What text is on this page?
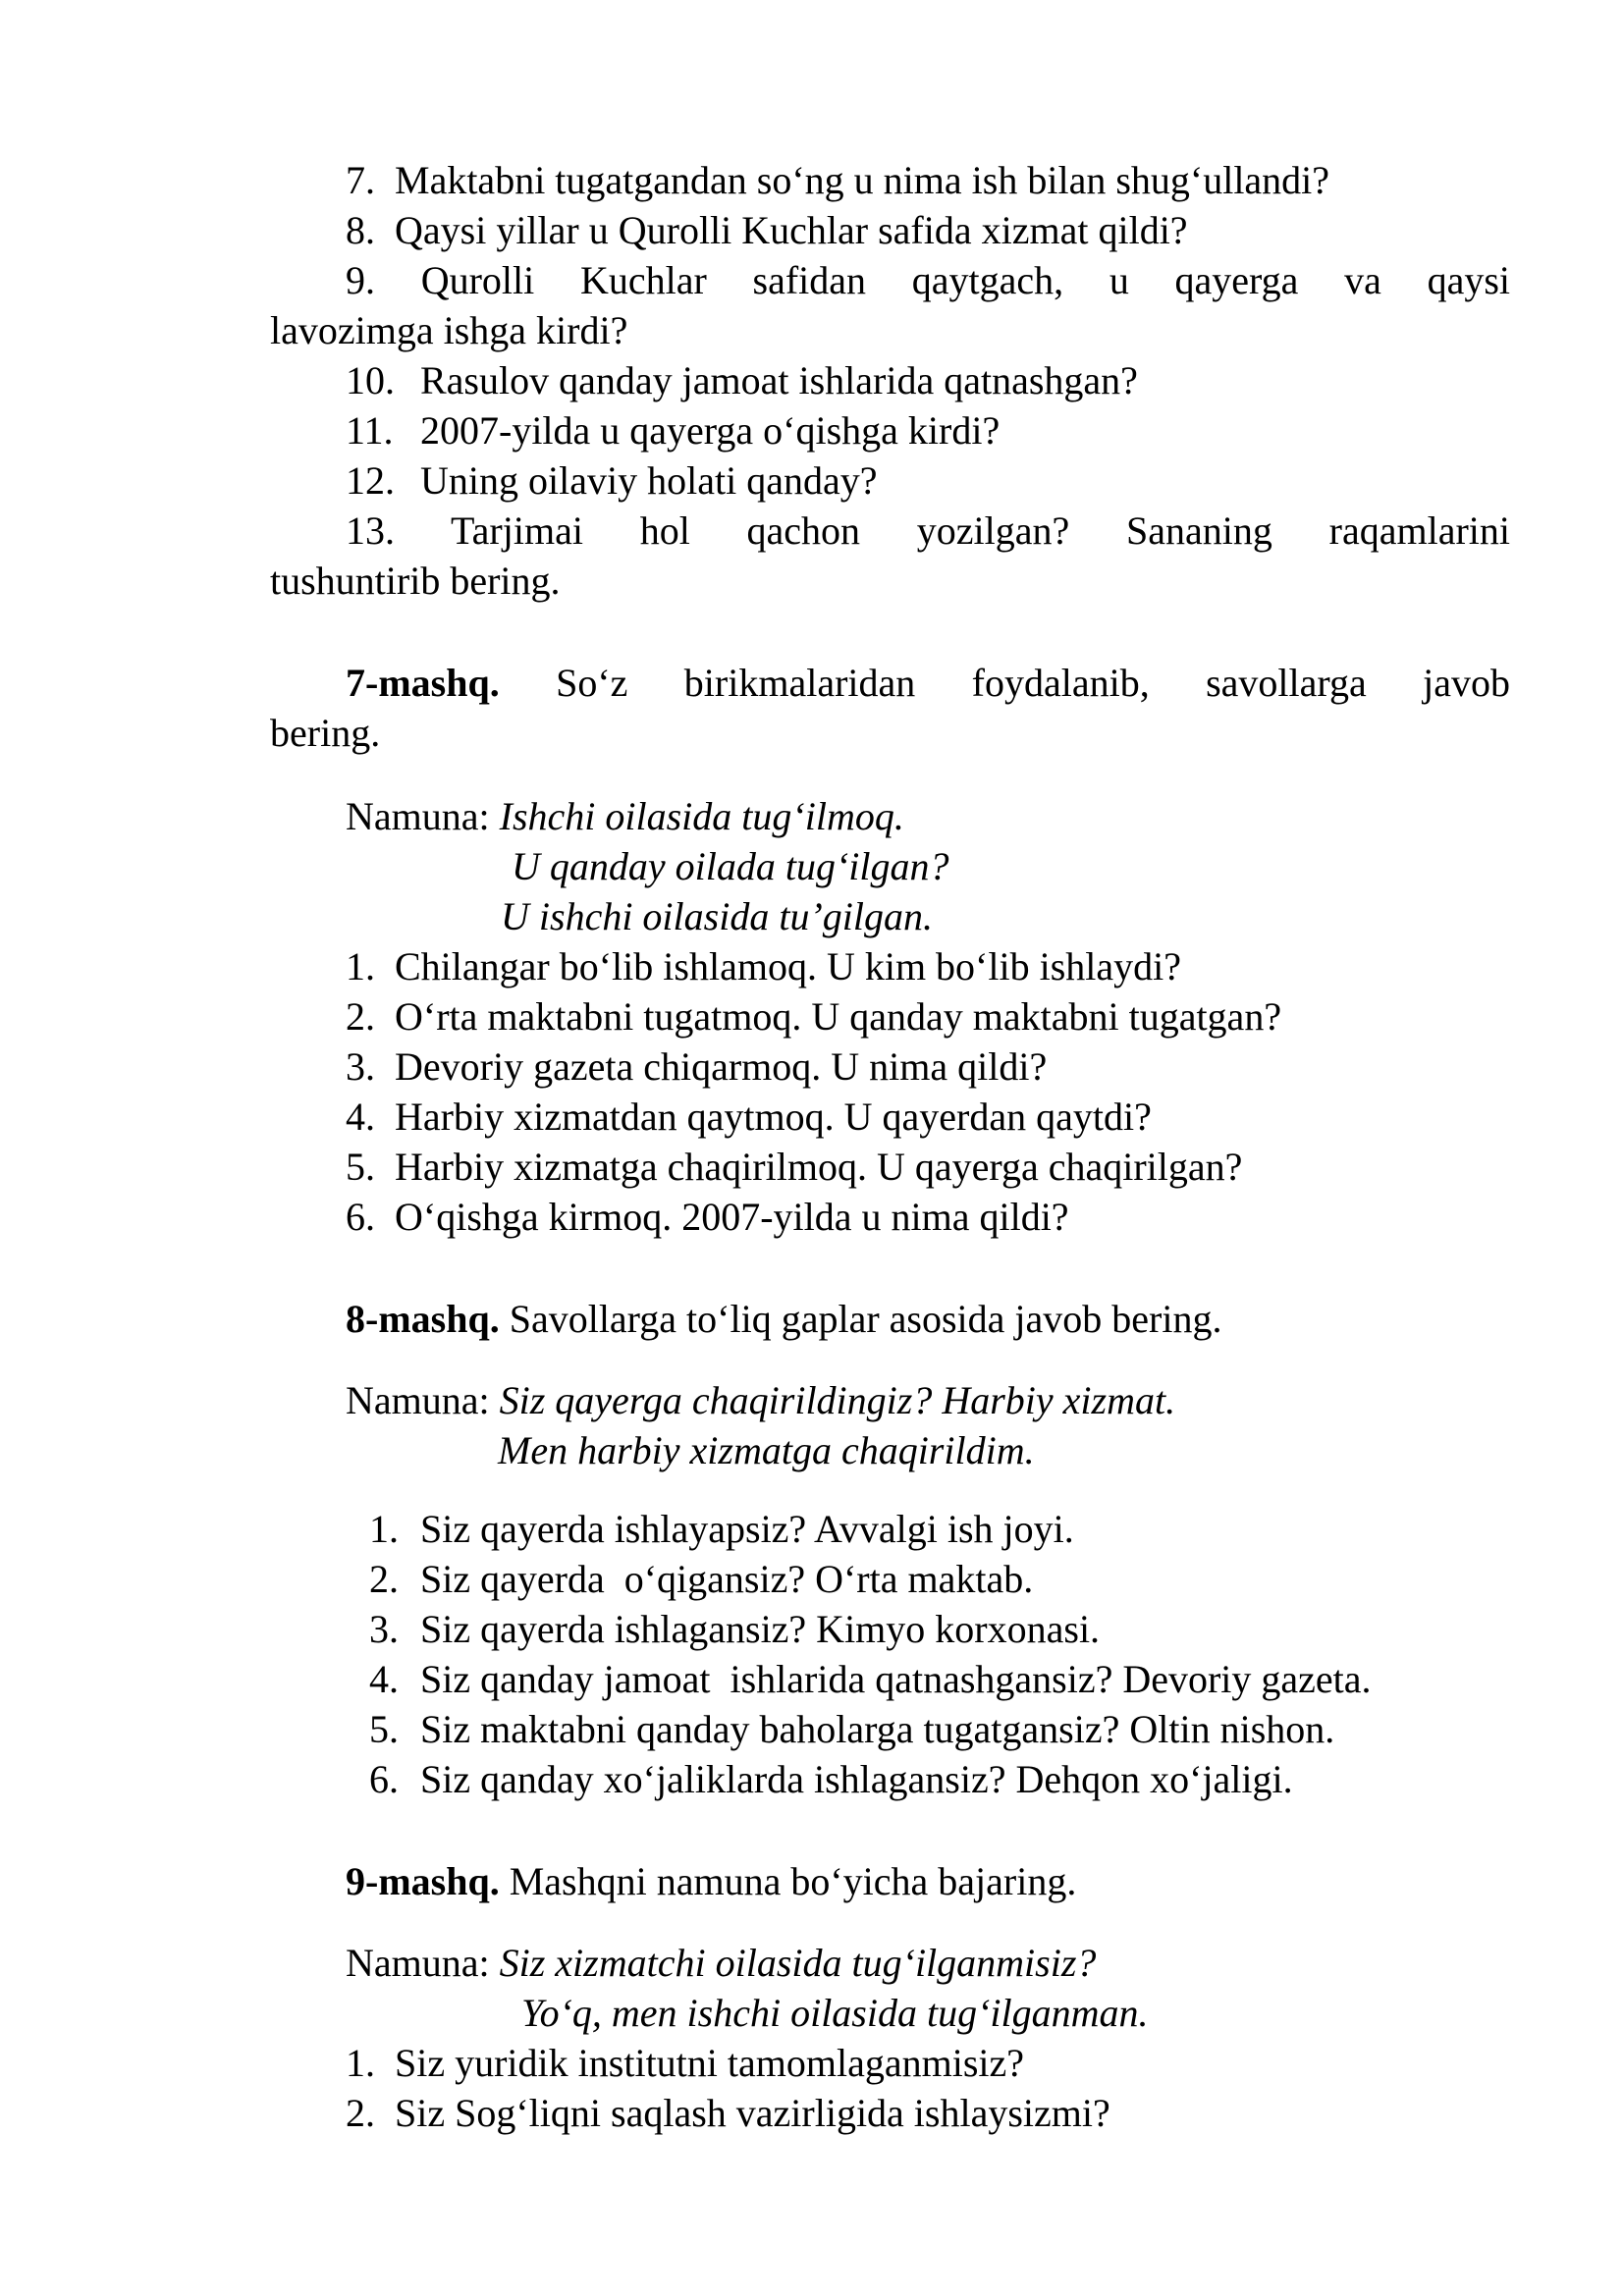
7. Maktabni tugatgandan so‘ng u nima ish bilan shug‘ullandi?
8. Qaysi yillar u Qurolli Kuchlar safida xizmat qildi?
9. Qurolli Kuchlar safidan qaytgach, u qayerga va qaysi
lavozimga ishga kirdi?
10. Rasulov qanday jamoat ishlarida qatnashgan?
11. 2007-yilda u qayerga o‘qishga kirdi?
12. Uning oilaviy holati qanday?
13. Tarjimai hol qachon yozilgan? Sananing raqamlarini
tushuntirib bering.
7-mashq. So‘z birikmalaridan foydalanib, savollarga javob
bering.
Namuna: Ishchi oilasida tug‘ilmoq.
U qanday oilada tug‘ilgan?
U ishchi oilasida tu’gilgan.
1. Chilangar bo‘lib ishlamoq. U kim bo‘lib ishlaydi?
2. O‘rta maktabni tugatmoq. U qanday maktabni tugatgan?
3. Devoriy gazeta chiqarmoq. U nima qildi?
4. Harbiy xizmatdan qaytmoq. U qayerdan qaytdi?
5. Harbiy xizmatga chaqirilmoq. U qayerga chaqirilgan?
6. O‘qishga kirmoq. 2007-yilda u nima qildi?
8-mashq. Savollarga to‘liq gaplar asosida javob bering.
Namuna: Siz qayerga chaqirildingiz? Harbiy xizmat.
Men harbiy xizmatga chaqirildim.
1. Siz qayerda ishlayapsiz? Avvalgi ish joyi.
2. Siz qayerda  o‘qigansiz? O‘rta maktab.
3. Siz qayerda ishlagansiz? Kimyo korxonasi.
4. Siz qanday jamoat  ishlarida qatnashgansiz? Devoriy gazeta.
5. Siz maktabni qanday baholarga tugatgansiz? Oltin nishon.
6. Siz qanday xo‘jaliklarda ishlagansiz? Dehqon xo‘jaligi.
9-mashq. Mashqni namuna bo‘yicha bajaring.
Namuna: Siz xizmatchi oilasida tug‘ilganmisiz?
Yo‘q, men ishchi oilasida tug‘ilganman.
1. Siz yuridik institutni tamomlaganmisiz?
2. Siz Sog‘liqni saqlash vazirligida ishlaysizmi?
